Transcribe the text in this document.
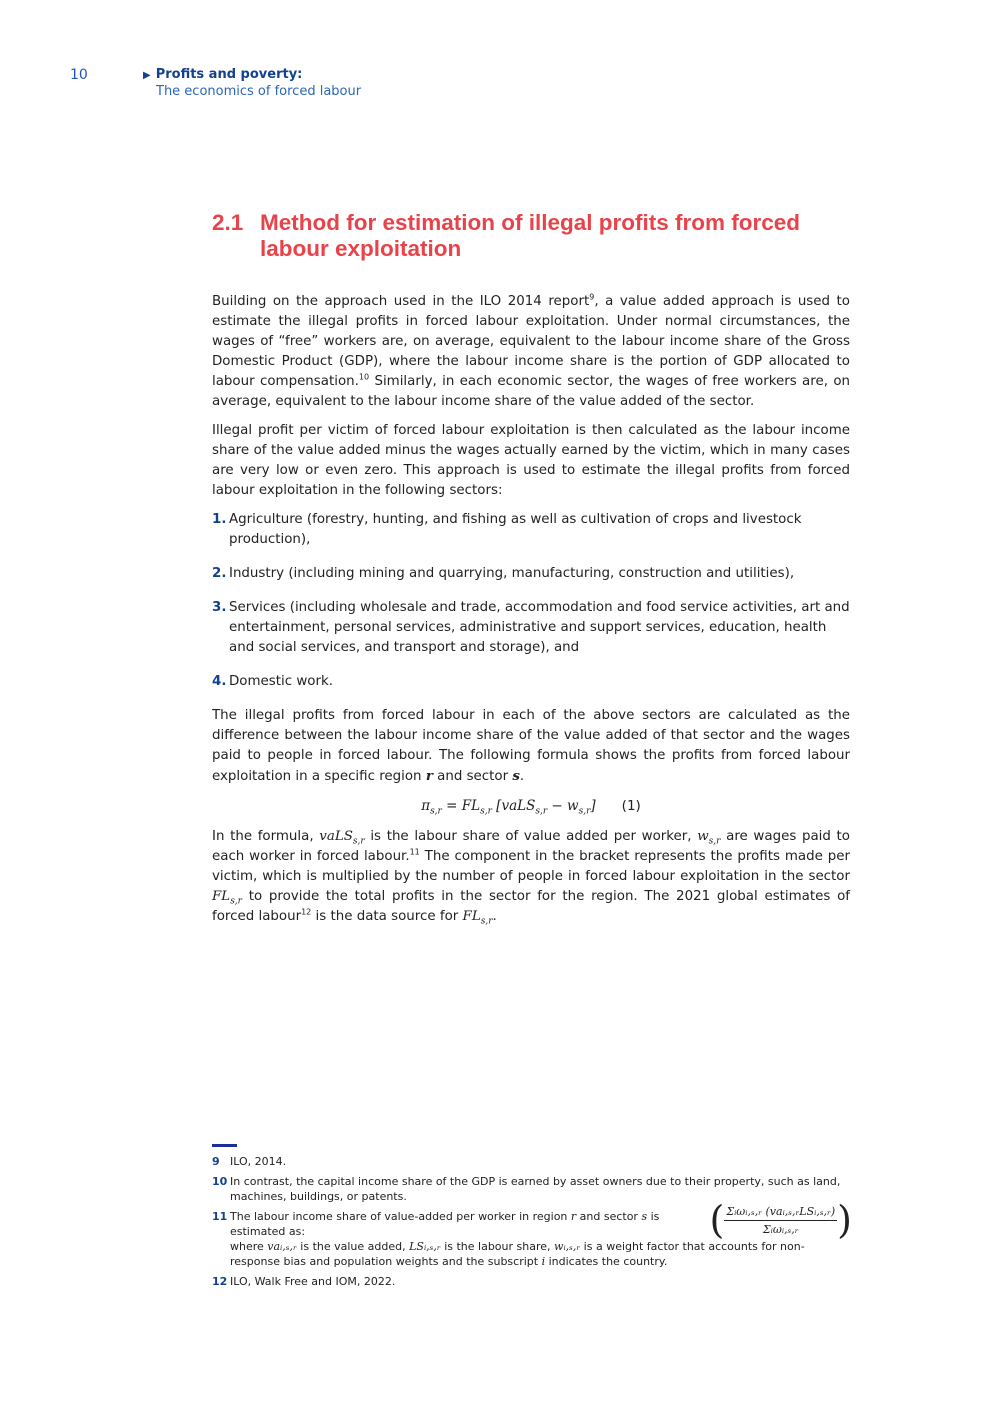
10	▶ Profits and poverty:
The economics of forced labour
2.1 Method for estimation of illegal profits from forced
labour exploitation

Building on the approach used in the ILO 2014 report$^9$, a value added approach is used to estimate the illegal profits in forced labour exploitation. Under normal circumstances, the wages of “free” workers are, on average, equivalent to the labour income share of the Gross Domestic Product (GDP), where the labour income share is the portion of GDP allocated to labour compensation.$^{10}$ Similarly, in each economic sector, the wages of free workers are, on average, equivalent to the labour income share of the value added of the sector.

Illegal profit per victim of forced labour exploitation is then calculated as the labour income share of the value added minus the wages actually earned by the victim, which in many cases are very low or even zero. This approach is used to estimate the illegal profits from forced labour exploitation in the following sectors:

1. Agriculture (forestry, hunting, and fishing as well as cultivation of crops and livestock production),
2. Industry (including mining and quarrying, manufacturing, construction and utilities),
3. Services (including wholesale and trade, accommodation and food service activities, art and entertainment, personal services, administrative and support services, education, health and social services, and transport and storage), and
4. Domestic work.

The illegal profits from forced labour in each of the above sectors are calculated as the difference between the labour income share of the value added of that sector and the wages paid to people in forced labour. The following formula shows the profits from forced labour exploitation in a specific region r and sector s.

$\pi_{s,r} = FL_{s,r}$ [vaLS$_{s,r}$ − $w_{s,r}$] (1)

In the formula, vaLS$_{s,r}$ is the labour share of value added per worker, $w_{s,r}$ are wages paid to each worker in forced labour.$^{11}$ The component in the bracket represents the profits made per victim, which is multiplied by the number of people in forced labour exploitation in the sector $FL_{s,r}$ to provide the total profits in the sector for the region. The 2021 global estimates of forced labour$^{12}$ is the data source for $FL_{s,r}$.

9 ILO, 2014.
10 In contrast, the capital income share of the GDP is earned by asset owners due to their property, such as land, machines, buildings, or patents.
11	( $\frac{\text{Σᵢωᵢ,ₛ,ᵣ (vaᵢ,ₛ,ᵣLSᵢ,ₛ,ᵣ)}}{\text{Σᵢωᵢ,ₛ,ᵣ}}$ )
The labour income share of value-added per worker in region r and sector s is estimated as:
where vaᵢ,ₛ,ᵣ is the value added, LSᵢ,ₛ,ᵣ is the labour share, wᵢ,ₛ,ᵣ is a weight factor that accounts for non-response bias and population weights and the subscript i indicates the country.
12 ILO, Walk Free and IOM, 2022.
